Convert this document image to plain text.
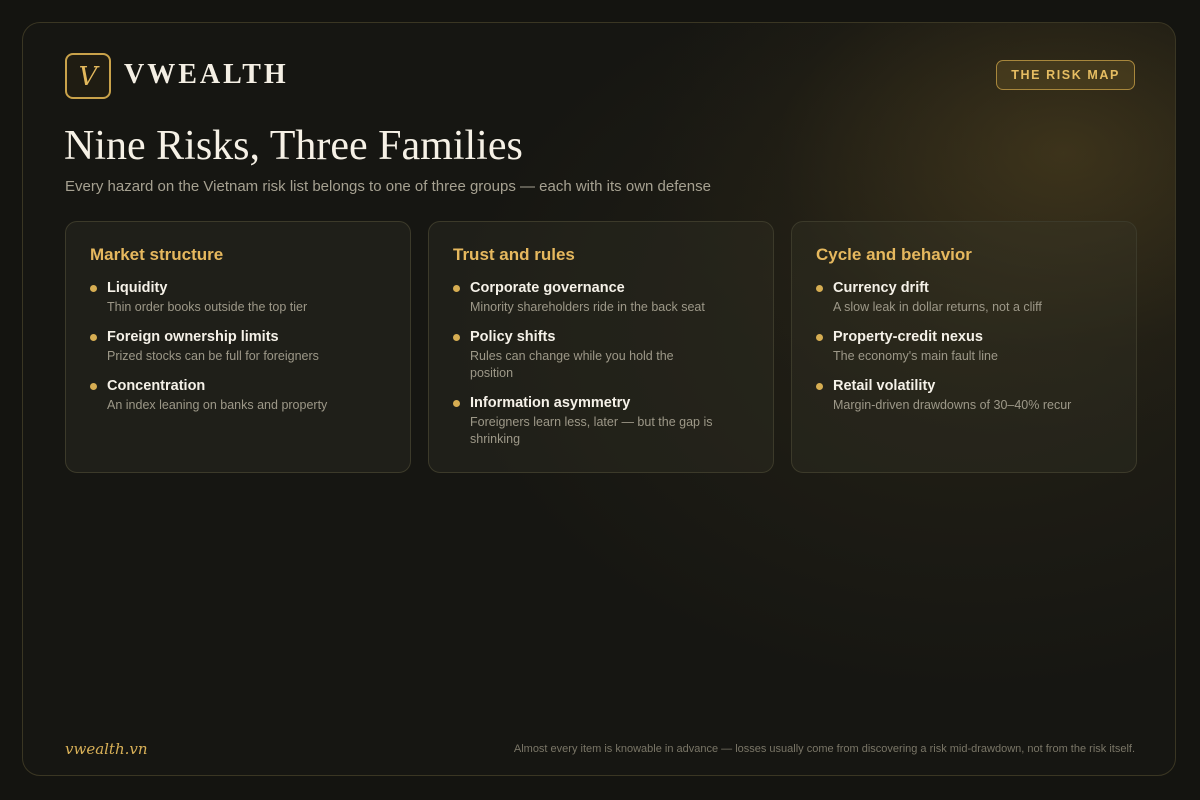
V VWEALTH	THE RISK MAP
Nine Risks, Three Families
Every hazard on the Vietnam risk list belongs to one of three groups — each with its own defense
Market structure
Liquidity
Thin order books outside the top tier
Foreign ownership limits
Prized stocks can be full for foreigners
Concentration
An index leaning on banks and property
Trust and rules
Corporate governance
Minority shareholders ride in the back seat
Policy shifts
Rules can change while you hold the position
Information asymmetry
Foreigners learn less, later — but the gap is shrinking
Cycle and behavior
Currency drift
A slow leak in dollar returns, not a cliff
Property-credit nexus
The economy's main fault line
Retail volatility
Margin-driven drawdowns of 30–40% recur
vwealth.vn	Almost every item is knowable in advance — losses usually come from discovering a risk mid-drawdown, not from the risk itself.
